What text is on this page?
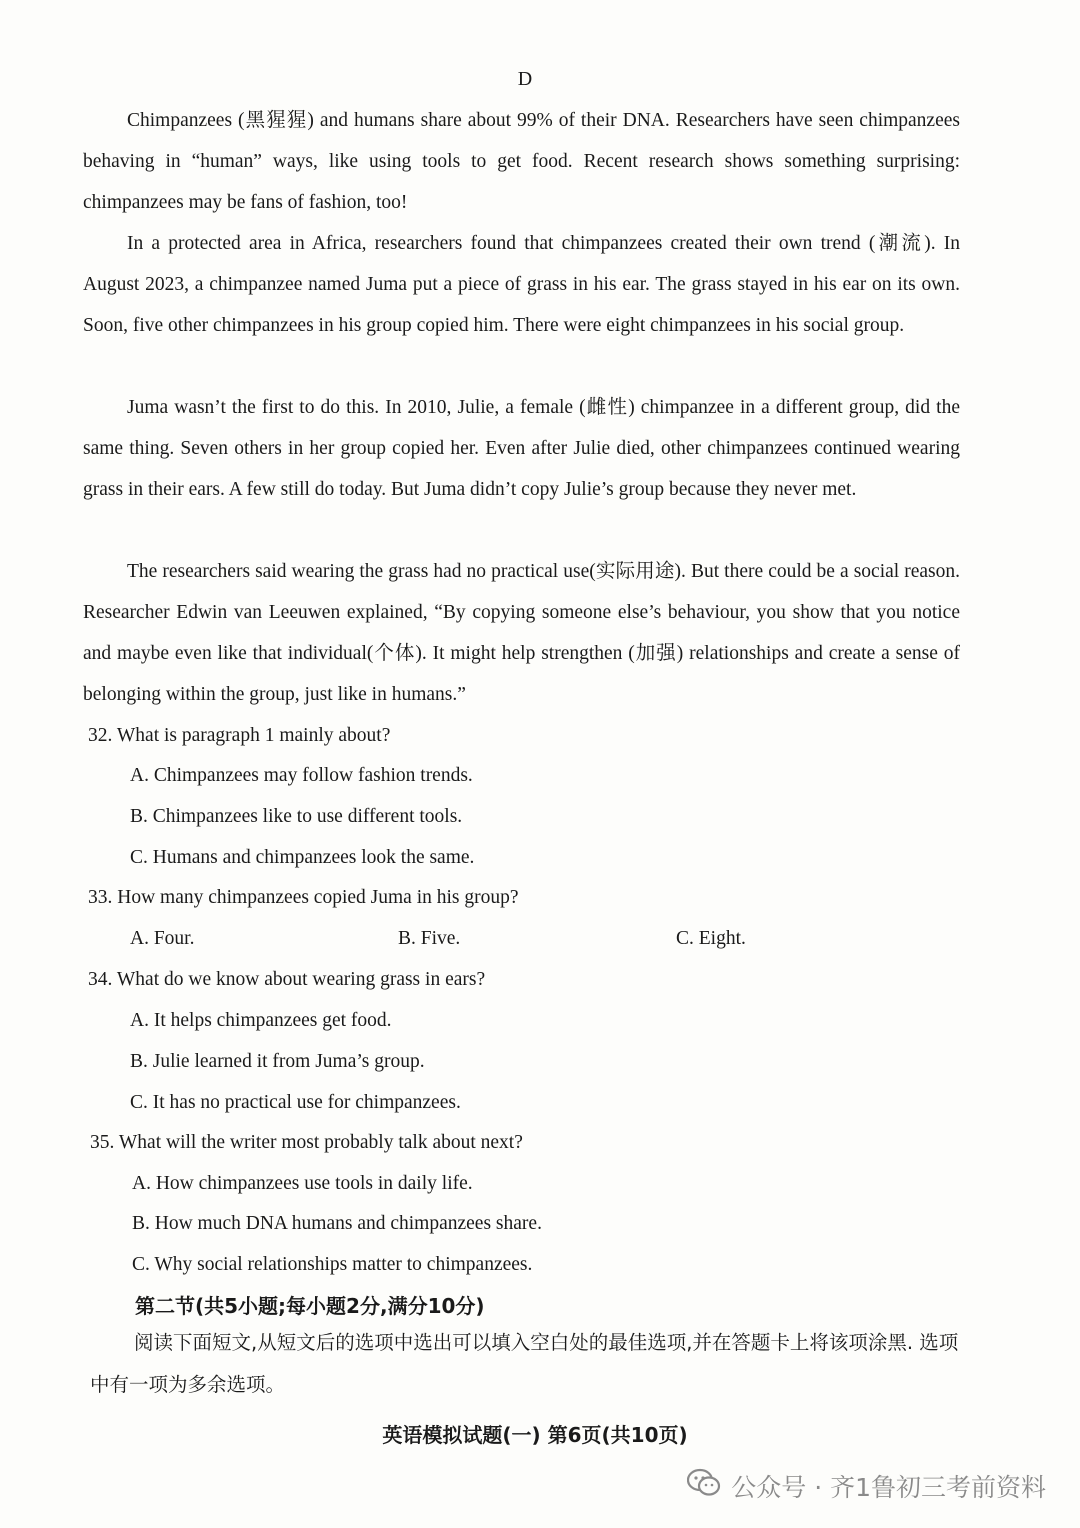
D

Chimpanzees (黑猩猩) and humans share about 99% of their DNA. Researchers have seen chimpanzees behaving in “human” ways, like using tools to get food. Recent research shows something surprising: chimpanzees may be fans of fashion, too!

In a protected area in Africa, researchers found that chimpanzees created their own trend (潮流). In August 2023, a chimpanzee named Juma put a piece of grass in his ear. The grass stayed in his ear on its own. Soon, five other chimpanzees in his group copied him. There were eight chimpanzees in his social group.

Juma wasn’t the first to do this. In 2010, Julie, a female (雌性) chimpanzee in a different group, did the same thing. Seven others in her group copied her. Even after Julie died, other chimpanzees continued wearing grass in their ears. A few still do today. But Juma didn’t copy Julie’s group because they never met.

The researchers said wearing the grass had no practical use(实际用途). But there could be a social reason. Researcher Edwin van Leeuwen explained, “By copying someone else’s behaviour, you show that you notice and maybe even like that individual(个体). It might help strengthen (加强) relationships and create a sense of belonging within the group, just like in humans.”

32. What is paragraph 1 mainly about?
A. Chimpanzees may follow fashion trends.
B. Chimpanzees like to use different tools.
C. Humans and chimpanzees look the same.
33. How many chimpanzees copied Juma in his group?
A. Four.	B. Five.	C. Eight.
34. What do we know about wearing grass in ears?
A. It helps chimpanzees get food.
B. Julie learned it from Juma’s group.
C. It has no practical use for chimpanzees.
35. What will the writer most probably talk about next?
A. How chimpanzees use tools in daily life.
B. How much DNA humans and chimpanzees share.
C. Why social relationships matter to chimpanzees.
第二节(共5小题;每小题2分,满分10分)

阅读下面短文,从短文后的选项中选出可以填入空白处的最佳选项,并在答题卡上将该项涂黑. 选项中有一项为多余选项。

英语模拟试题(一) 第6页(共10页)
公众号 · 齐1鲁初三考前资料
